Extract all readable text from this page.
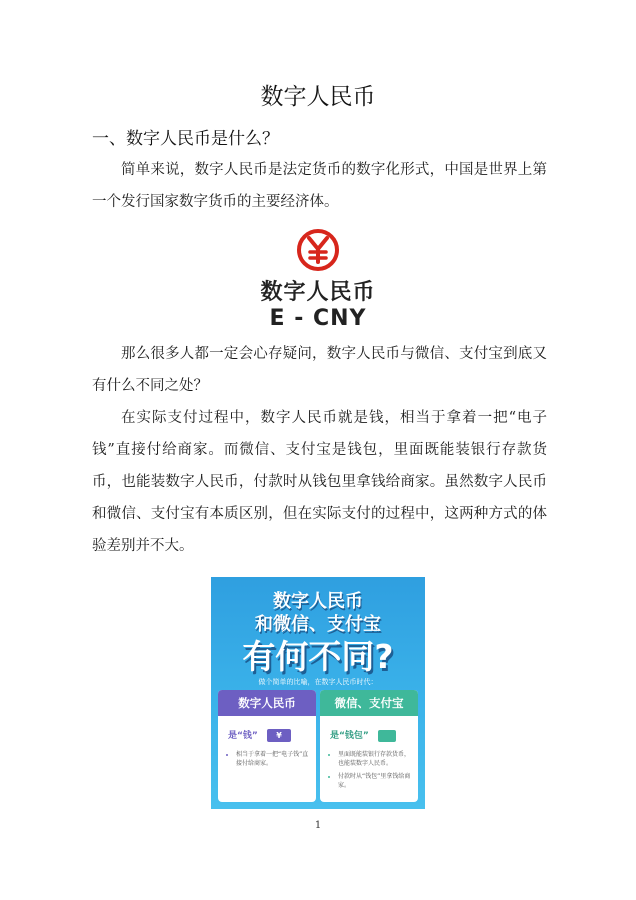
数字人民币
一、数字人民币是什么？
简单来说，数字人民币是法定货币的数字化形式，中国是世界上第一个发行国家数字货币的主要经济体。
数字人民币
E - CNY
那么很多人都一定会心存疑问，数字人民币与微信、支付宝到底又有什么不同之处？
在实际支付过程中，数字人民币就是钱，相当于拿着一把“电子钱”直接付给商家。而微信、支付宝是钱包，里面既能装银行存款货币，也能装数字人民币，付款时从钱包里拿钱给商家。虽然数字人民币和微信、支付宝有本质区别，但在实际支付的过程中，这两种方式的体验差别并不大。
数字人民币
和微信、支付宝
有何不同?
做个简单的比喻，在数字人民币时代：
数字人民币
是“钱” ¥
• 相当于拿着一把“电子钱”直接付给商家。
微信、支付宝
是“钱包”
• 里面既能装银行存款货币，也能装数字人民币。
• 付款时从“钱包”里拿钱给商家。
1
